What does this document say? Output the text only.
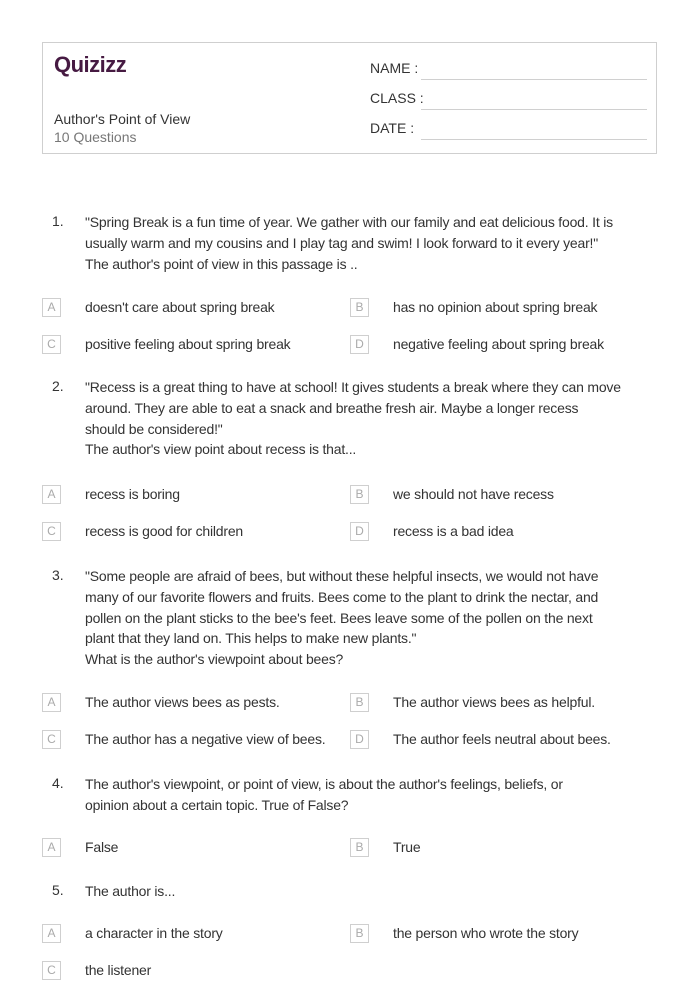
Quizizz
Author's Point of View
10 Questions
NAME :
CLASS :
DATE :
1. "Spring Break is a fun time of year. We gather with our family and eat delicious food. It is
usually warm and my cousins and I play tag and swim! I look forward to it every year!"
The author's point of view in this passage is ..
A	doesn't care about spring break	B	has no opinion about spring break
C	positive feeling about spring break	D	negative feeling about spring break
2. "Recess is a great thing to have at school! It gives students a break where they can move
around. They are able to eat a snack and breathe fresh air. Maybe a longer recess
should be considered!"
The author's view point about recess is that...
A	recess is boring	B	we should not have recess
C	recess is good for children	D	recess is a bad idea
3. "Some people are afraid of bees, but without these helpful insects, we would not have
many of our favorite flowers and fruits. Bees come to the plant to drink the nectar, and
pollen on the plant sticks to the bee's feet. Bees leave some of the pollen on the next
plant that they land on. This helps to make new plants."
What is the author's viewpoint about bees?
A	The author views bees as pests.	B	The author views bees as helpful.
C	The author has a negative view of bees.	D	The author feels neutral about bees.
4. The author's viewpoint, or point of view, is about the author's feelings, beliefs, or
opinion about a certain topic. True of False?
A	False	B	True
5. The author is...
A	a character in the story	B	the person who wrote the story
C	the listener
